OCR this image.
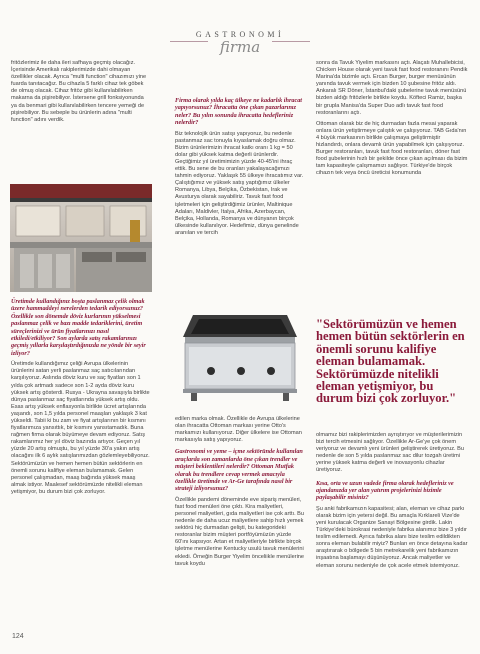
GASTRONOMİ
firma

fritözlerimiz ile daha ileri safhaya geçmiş olacağız. İçerisinde Amerikalı rakiplerimizde dahi olmayan özellikler olacak. Ayrıca "multi function" cihazımızı yine fuarda tanıtacağız. Bu cihazla 5 farklı cihaz tek göbek de olmuş olacak. Cihaz fritöz gibi kullanılabilirken makarna da pişirebiliyor. İstersene grill fonksiyonunda ya da benmari gibi kullanılabilirken tencere yemeği de pişirebiliyor. Bu sebeple bu ürünlerin adına "multi function" adını verdik.

Üretimde kullandığınız boşta paslanmaz çelik olmak üzere hammaddeyi nerelerden tedarik ediyorsunuz? Özellikle son dönemde döviz kurlarının yükselmesi paslanmaz çelik ve bazı madde tedariklerini, üretim süreçlerinizi ve ürün fiyatlarınızı nasıl etkiledi/etkiliyor? Son aylarda satış rakamlarınızı geçmiş yıllarla karşılaştırdığınızda ne yönde bir seyir izliyor?

Üretimde kullandığımız çeliği Avrupa ülkelerinin ürünlerini satan yerli paslanmaz saç satıcılarından karşılıyoruz. Aslında döviz kuru ve saç fiyatları son 1 yılda çok artmadı sadece son 1-2 ayda döviz kuru yüksek artış gösterdi. Rusya - Ukrayna savaşıyla birlikte dünya paslanmaz saç fiyatlarında yüksek artış oldu. Esas artış yüksek enflasyonla birlikte ücret artışlarında yaşandı, son 1,5 yılda personel maaşları yaklaşık 3 kat yükseldi. Tabii ki bu zam ve fiyat artışlarının bir kısmını fiyatlarımıza yansıttık, bir kısmını yansıtamadık. Buna rağmen firma olarak büyümeye devam ediyoruz. Satış rakamlarımız her yıl döviz bazında artıyor. Geçen yıl yüzde 20 artış olmuştu, bu yıl yüzde 30'a yakın artış olacağını ilk 6 aylık satışlarımızdan gözlemleyebiliyoruz. Sektörümüzün ve hemen hemen bütün sektörlerin en önemli sorunu kalifiye eleman bulamamak. Gelen personel çalışmadan, maaş bağında yüksek maaş almak istiyor. Maalesef sektörümüzde nitelikli eleman yetişmiyor, bu durum bizi çok zorluyor.

Firma olarak yılda kaç ülkeye ne kadarlık ihracat yapıyorsunuz? İhracatta öne çıkan pazarlarınız neler? Bu yılın sonunda ihracatta hedefleriniz nelerdir?

Biz teknolojik ürün satışı yapıyoruz, bu nedenle pastanmaz sac tonuyla kıyaslamak doğru olmaz. Bizim ürünlerimizin ihracat katkı oranı 1 kg = 50 dolar gibi yüksek katma değerli ürünlerdir. Geçtiğimiz yıl üretimimizin yüzde 40-45'ini ihraç ettik. Bu sene de bu oranları yakalayacağımızı tahmin ediyoruz. Yaklaşık 55 ülkeye ihracatımız var. Çalıştığımız ve yüksek satış yaptığımız ülkeler Romanya, Libya, Belçika, Özbekistan, Irak ve Avusturya olarak sayabiliriz. Tavuk fast food işletmeleri için geliştirdiğimiz ürünler, Maltinique Adaları, Maldivler, Italya, Afrika, Azerbaycan, Belçika, Hollanda, Romanya ve dünyanın birçok ülkesinde kullanılıyor. Hedefimiz, dünya genelinde aranılan ve tercih

edilen marka olmak. Özellikle de Avrupa ülkelerine olan ihracatta Ottoman markası yerine Otto's markamızı kullanıyoruz. Diğer ülkelere ise Ottoman markasıyla satış yapıyoruz.

Gastronomi ve yeme – içme sektöründe kullanılan araçlarda son zamanlarda öne çıkan trendler ve müşteri beklentileri nelerdir? Ottoman Mutfak olarak bu trendlere cevap vermek amacıyla özellikle üretimde ve Ar-Ge tarafında nasıl bir strateji izliyorsunuz?

Özellikle pandemi döneminde eve sipariş menüleri, fast food menüleri öne çıktı. Kira maliyetleri, personel maliyetleri, gıda maliyetleri ise çok arttı. Bu nedenle de daha ucuz maliyetlere sahip hızlı yemek sektörü hiç durmadan gelişti, bu kategorideki restoranlar bizim müşteri portföyümüzün yüzde 60'ını kapsıyor. Artan et maliyetleriyle birlikte birçok işletme menülerine Kentucky usulü tavuk menülerini ekledi. Örneğin Burger Yiyelim önceliikle menülerine tavuk koydu

sonra da Tavuk Yiyelim markasını açtı. Alaçatı Muhallebicisi, Chicken House olarak yeni tavuk fast food restoranını Pendik Marina'da bizimle açtı. Ercan Burger, burger menüsünün yanında tavuk vermek için bizden 10 şubesine fritöz aldı. Ankaralı SR Döner, İstanbul'daki şubelerine tavuk menüsünü bizden aldığı fritözlerle birlikte koydu. Köfteci Ramiz, başka bir grupla Manisa'da Super Duo adlı tavuk fast food restoranlarını açtı.

Ottoman olarak biz de hiç durmadan fazla mesai yaparak onlara ürün yetiştirmeye çalıştık ve çalışıyoruz. TAB Gıda'nın 4 büyük markasının birlikte çalışmaya geliştirmiştir hizlandırdı, onlara devamlı ürün yapabilmek için çalışıyoruz. Burger restoranları, tavuk fast food restoranları, döner fast food şubelerinin hızlı bir şekilde önce çıkan açılması da bizim tam kapasiteyle çalışmamızı sağlıyor. Türkiye'de birçok cihazın tek veya öncü üreticisi konumunda

"Sektörümüzün ve hemen hemen bütün sektörlerin en önemli sorunu kalifiye eleman bulamamak. Sektörümüzde nitelikli eleman yetişmiyor, bu durum bizi çok zorluyor."

olmamız bizi rakiplerimizden ayrıştırıyor ve müşterilerimizin bizi tercih etmesini sağlıyor. Özellikle Ar-Ge'ye çok önem veriyoruz ve devamlı yeni ürünleri geliştirerek üretiyoruz. Bu nedenle de son 5 yılda paslanmaz sac dilur tozgah üretimi yerine yüksek katma değerli ve inovasyonlu cihazlar üretiyoruz.

Kısa, orta ve uzun vadede firma olarak hedefleriniz ve ajandanızda yer alan yatırım projelerinizi bizimle paylaşabilir misiniz?

Şu anki fabrikamızın kapasitesi; alan, eleman ve cihaz parkı olarak bizim için yetersi değil. Bu amaçla Kırklareli Vize'de yeni kurulacak Organize Sanayi Bölgesine girdik. Lakin Türkiye'deki bürokrasi nedeniyle fabrika alanımız bize 3 yıldır teslim edilemedi. Ayrıca fabrika alanı bize teslim edildikten sonra eleman bulabilir miyiz? Bunları en önce detayına kadar araştırarak o bölgede 5 bin metrekarelik yeni fabrikamızın inşaatına başlamayı düşünüyoruz. Ancak maliyetler ve eleman sorunu nedeniyle de çok acele etmek istemiyoruz.

124
